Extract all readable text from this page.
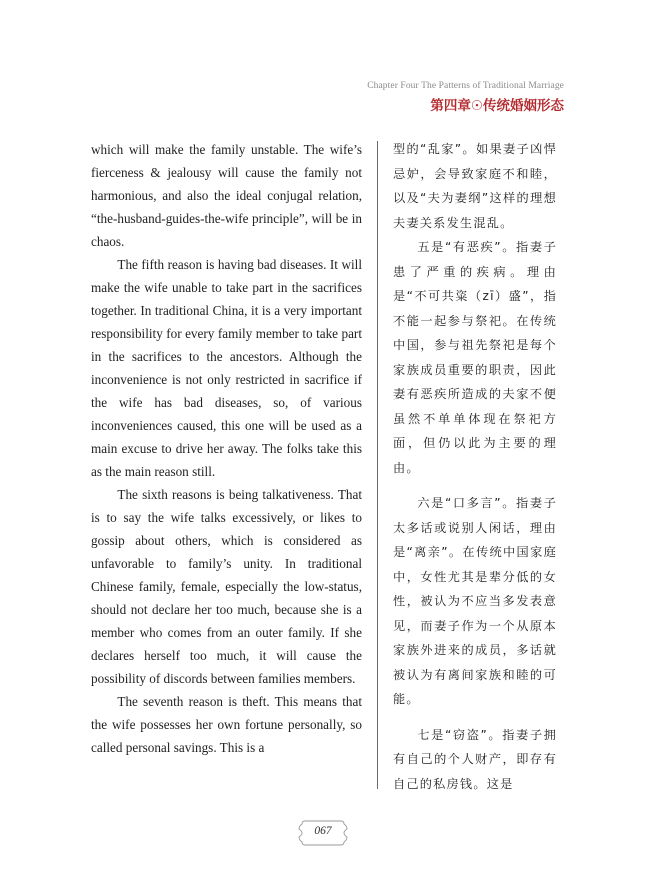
Chapter Four The Patterns of Traditional Marriage
第四章☉传统婚姻形态

which will make the family unstable. The wife’s fierceness & jealousy will cause the family not harmonious, and also the ideal conjugal relation, “the-husband-guides-the-wife principle”, will be in chaos.

The fifth reason is having bad diseases. It will make the wife unable to take part in the sacrifices together. In traditional China, it is a very important responsibility for every family member to take part in the sacrifices to the ancestors. Although the inconvenience is not only restricted in sacrifice if the wife has bad diseases, so, of various inconveniences caused, this one will be used as a main excuse to drive her away. The folks take this as the main reason still.

The sixth reasons is being talkativeness. That is to say the wife talks excessively, or likes to gossip about others, which is considered as unfavorable to family’s unity. In traditional Chinese family, female, especially the low-status, should not declare her too much, because she is a member who comes from an outer family. If she declares herself too much, it will cause the possibility of discords between families members.

The seventh reason is theft. This means that the wife possesses her own fortune personally, so called personal savings. This is a

型的“乱家”。如果妻子凶悍忌妒，会导致家庭不和睦，以及“夫为妻纲”这样的理想夫妻关系发生混乱。

五是“有恶疾”。指妻子患了严重的疾病。理由是“不可共粢（zī）盛”，指不能一起参与祭祀。在传统中国，参与祖先祭祀是每个家族成员重要的职责，因此妻有恶疾所造成的夫家不便虽然不单单体现在祭祀方面，但仍以此为主要的理由。

六是“口多言”。指妻子太多话或说别人闲话，理由是“离亲”。在传统中国家庭中，女性尤其是辈分低的女性，被认为不应当多发表意见，而妻子作为一个从原本家族外进来的成员，多话就被认为有离间家族和睦的可能。

七是“窃盗”。指妻子拥有自己的个人财产，即存有自己的私房钱。这是

067
